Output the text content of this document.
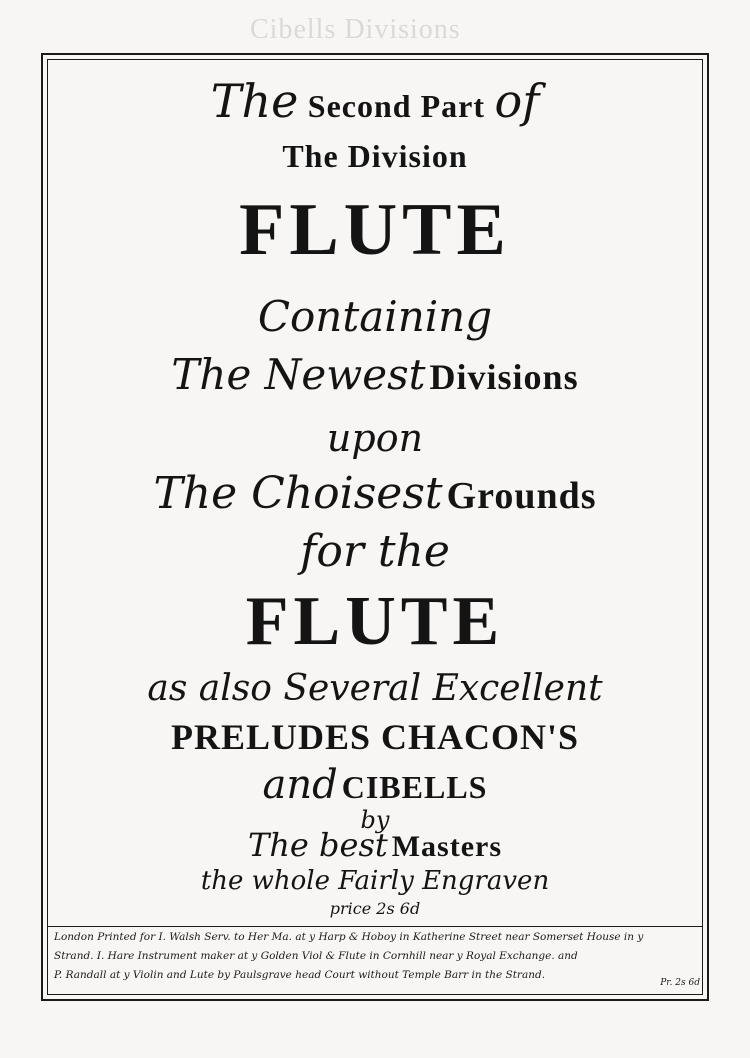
Cibells Divisions
The Second Part of
The Division
FLUTE
Containing
The Newest Divisions
upon
The Choisest Grounds
for the
FLUTE
as also Several Excellent
PRELUDES CHACON'S
and CIBELLS
by
The best Masters
the whole Fairly Engraven
price 2s 6d
London Printed for I. Walsh Serv. to Her Ma. at y Harp & Hoboy in Katherine Street near Somerset House in y
Strand. I. Hare Instrument maker at y Golden Viol & Flute in Cornhill near y Royal Exchange. and
P. Randall at y Violin and Lute by Paulsgrave head Court without Temple Barr in the Strand.
Pr. 2s 6d
